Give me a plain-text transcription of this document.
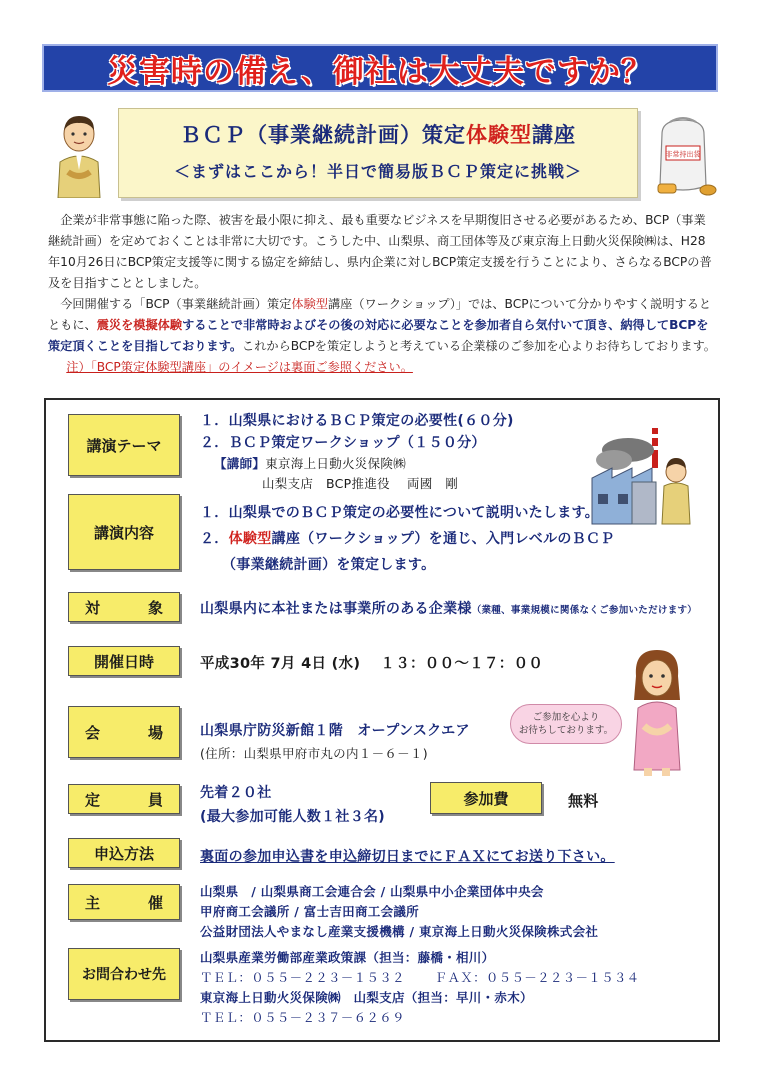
災害時の備え、御社は大丈夫ですか？
ＢＣＰ（事業継続計画）策定体験型講座
＜まずはここから！半日で簡易版ＢＣＰ策定に挑戦＞
非常持出袋

企業が非常事態に陥った際、被害を最小限に抑え、最も重要なビジネスを早期復旧させる必要があるため、BCP（事業継続計画）を定めておくことは非常に大切です。こうした中、山梨県、商工団体等及び東京海上日動火災保険㈱は、H28年10月26日にBCP策定支援等に関する協定を締結し、県内企業に対しBCP策定支援を行うことにより、さらなるBCPの普及を目指すこととしました。

今回開催する「BCP（事業継続計画）策定体験型講座（ワークショップ）」では、BCPについて分かりやすく説明するとともに、震災を模擬体験することで非常時およびその後の対応に必要なことを参加者自ら気付いて頂き、納得してBCPを策定頂くことを目指しております。これからBCPを策定しようと考えている企業様のご参加を心よりお待ちしております。注）「BCP策定体験型講座」のイメージは裏面ご参照ください。

講演テーマ
１．山梨県におけるＢＣＰ策定の必要性(６０分)
２．ＢＣＰ策定ワークショップ（１５０分）
【講師】東京海上日動火災保険㈱
山梨支店　BCP推進役　 両國　剛
講演内容
１．山梨県でのＢＣＰ策定の必要性について説明いたします。
２．体験型講座（ワークショップ）を通じ、入門レベルのＢＣＰ
（事業継続計画）を策定します。
対	象	山梨県内に本社または事業所のある企業様（業種、事業規模に関係なくご参加いただけます）
開催日時	平成30年 7月 4日 (水)　 １３：００～１７：００
会	場	山梨県庁防災新館１階　オープンスクエア
(住所：山梨県甲府市丸の内１－６－１)
ご参加を心より
お待ちしております。
定	員	先着２０社
(最大参加可能人数１社３名)
参加費	無料
申込方法	裏面の参加申込書を申込締切日までにＦＡＸにてお送り下さい。
主	催
山梨県　/ 山梨県商工会連合会 / 山梨県中小企業団体中央会
甲府商工会議所 / 富士吉田商工会議所
公益財団法人やまなし産業支援機構 / 東京海上日動火災保険株式会社
お問合わせ先
山梨県産業労働部産業政策課（担当：藤橋・相川）
ＴＥＬ：０５５－２２３－１５３２　　 ＦＡＸ：０５５－２２３－１５３４
東京海上日動火災保険㈱　山梨支店（担当：早川・赤木）
ＴＥＬ：０５５－２３７－６２６９
